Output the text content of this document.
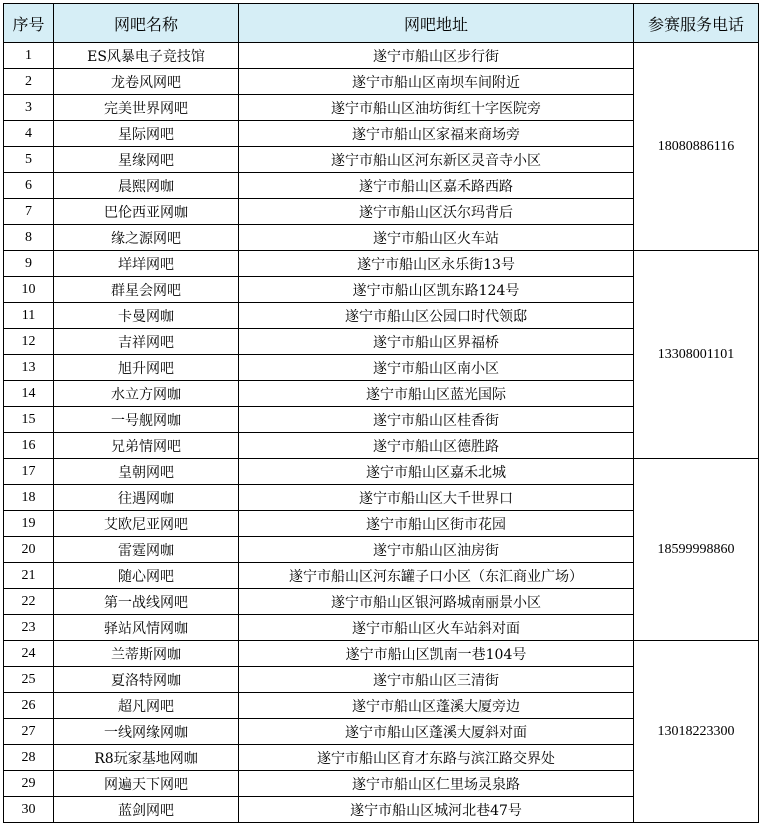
序号	网吧名称	网吧地址	参赛服务电话
1	ES风暴电子竞技馆	遂宁市船山区步行街	18080886116
2	龙卷风网吧	遂宁市船山区南坝车间附近	
3	完美世界网吧	遂宁市船山区油坊街红十字医院旁	
4	星际网吧	遂宁市船山区家福来商场旁	
5	星缘网吧	遂宁市船山区河东新区灵音寺小区	
6	晨熙网咖	遂宁市船山区嘉禾路西路	
7	巴伦西亚网咖	遂宁市船山区沃尔玛背后	
8	缘之源网吧	遂宁市船山区火车站	
9	垟垟网吧	遂宁市船山区永乐街13号	13308001101
10	群星会网吧	遂宁市船山区凯东路124号	
11	卡曼网咖	遂宁市船山区公园口时代领邸	
12	吉祥网吧	遂宁市船山区界福桥	
13	旭升网吧	遂宁市船山区南小区	
14	水立方网咖	遂宁市船山区蓝光国际	
15	一号舰网咖	遂宁市船山区桂香街	
16	兄弟情网吧	遂宁市船山区德胜路	
17	皇朝网吧	遂宁市船山区嘉禾北城	18599998860
18	往遇网咖	遂宁市船山区大千世界口	
19	艾欧尼亚网吧	遂宁市船山区街市花园	
20	雷霆网咖	遂宁市船山区油房街	
21	随心网吧	遂宁市船山区河东罐子口小区（东汇商业广场）	
22	第一战线网吧	遂宁市船山区银河路城南丽景小区	
23	驿站风情网咖	遂宁市船山区火车站斜对面	
24	兰蒂斯网咖	遂宁市船山区凯南一巷104号	13018223300
25	夏洛特网咖	遂宁市船山区三清街	
26	超凡网吧	遂宁市船山区蓬溪大厦旁边	
27	一线网缘网咖	遂宁市船山区蓬溪大厦斜对面	
28	R8玩家基地网咖	遂宁市船山区育才东路与滨江路交界处	
29	网遍天下网吧	遂宁市船山区仁里场灵泉路	
30	蓝剑网吧	遂宁市船山区城河北巷47号	
